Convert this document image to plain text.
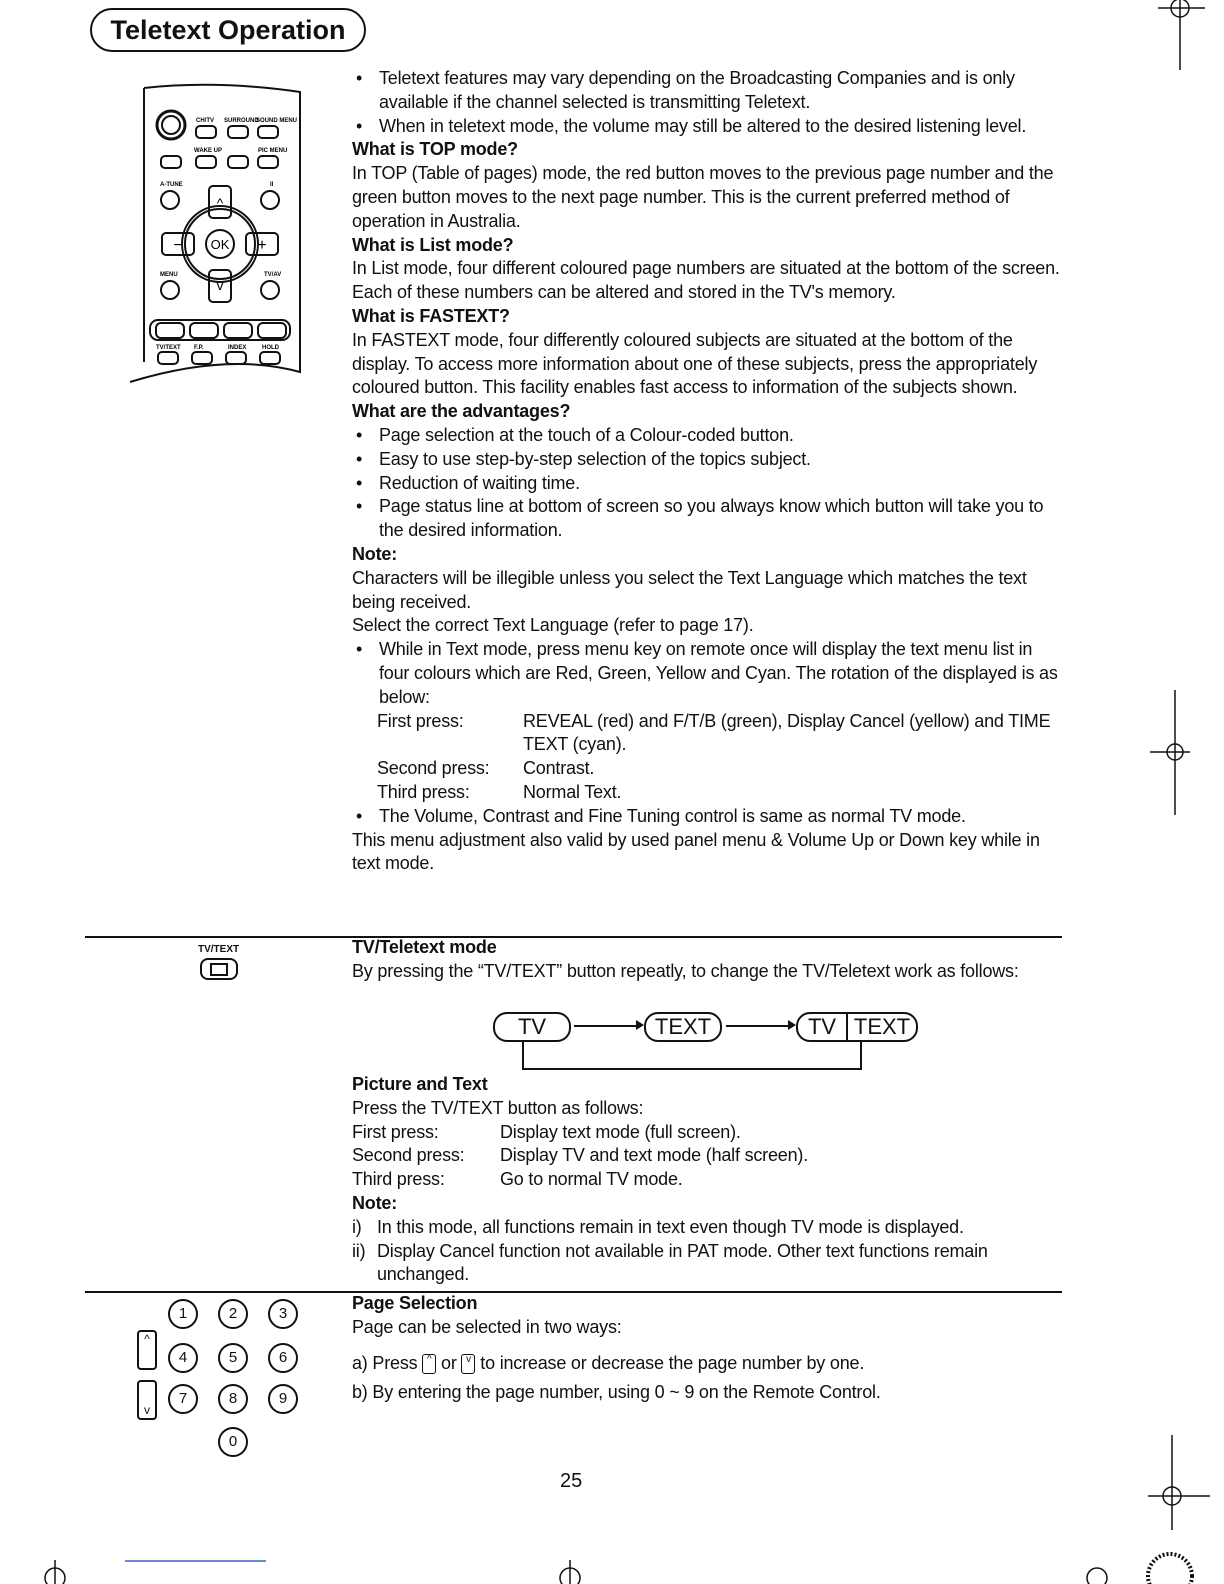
Teletext Operation
OK
−	+
^
v
CH/TV SURROUND
SOUND MENU
WAKE UP	PIC MENU
A-TUNE	II
MENU	TV/AV
TV/TEXT F.P.	INDEX	HOLD

• Teletext features may vary depending on the Broadcasting Companies and is only available if the channel selected is transmitting Teletext.

• When in teletext mode, the volume may still be altered to the desired listening level.

What is TOP mode?

In TOP (Table of pages) mode, the red button moves to the previous page number and the green button moves to the next page number. This is the current preferred method of operation in Australia.

What is List mode?

In List mode, four different coloured page numbers are situated at the bottom of the screen. Each of these numbers can be altered and stored in the TV's memory.

What is FASTEXT?

In FASTEXT mode, four differently coloured subjects are situated at the bottom of the display. To access more information about one of these subjects, press the appropriately coloured button. This facility enables fast access to information of the subjects shown.

What are the advantages?

• Page selection at the touch of a Colour-coded button.

• Easy to use step-by-step selection of the topics subject.

• Reduction of waiting time.

• Page status line at bottom of screen so you always know which button will take you to the desired information.

Note:

Characters will be illegible unless you select the Text Language which matches the text being received.

Select the correct Text Language (refer to page 17).

• While in Text mode, press menu key on remote once will display the text menu list in four colours which are Red, Green, Yellow and Cyan. The rotation of the displayed is as below:

First press:	REVEAL (red) and F/T/B (green), Display Cancel (yellow) and TIME TEXT (cyan).
Second press:	Contrast.
Third press:	Normal Text.

• The Volume, Contrast and Fine Tuning control is same as normal TV mode.

This menu adjustment also valid by used panel menu & Volume Up or Down key while in text mode.

TV/TEXT	TV/Teletext mode

By pressing the “TV/TEXT” button repeatly, to change the TV/Teletext work as follows:

TV	TEXT	TV TEXT

Picture and Text

Press the TV/TEXT button as follows:

First press:	Display text mode (full screen).
Second press:	Display TV and text mode (half screen).
Third press:	Go to normal TV mode.

Note:

i) In this mode, all functions remain in text even though TV mode is displayed.
ii) Display Cancel function not available in PAT mode. Other text functions remain unchanged.
1	2	3
4	5	6
7	8	9
0
^
v

Page Selection

Page can be selected in two ways:

a) Press ^ or v to increase or decrease the page number by one.

b) By entering the page number, using 0 ~ 9 on the Remote Control.

25
